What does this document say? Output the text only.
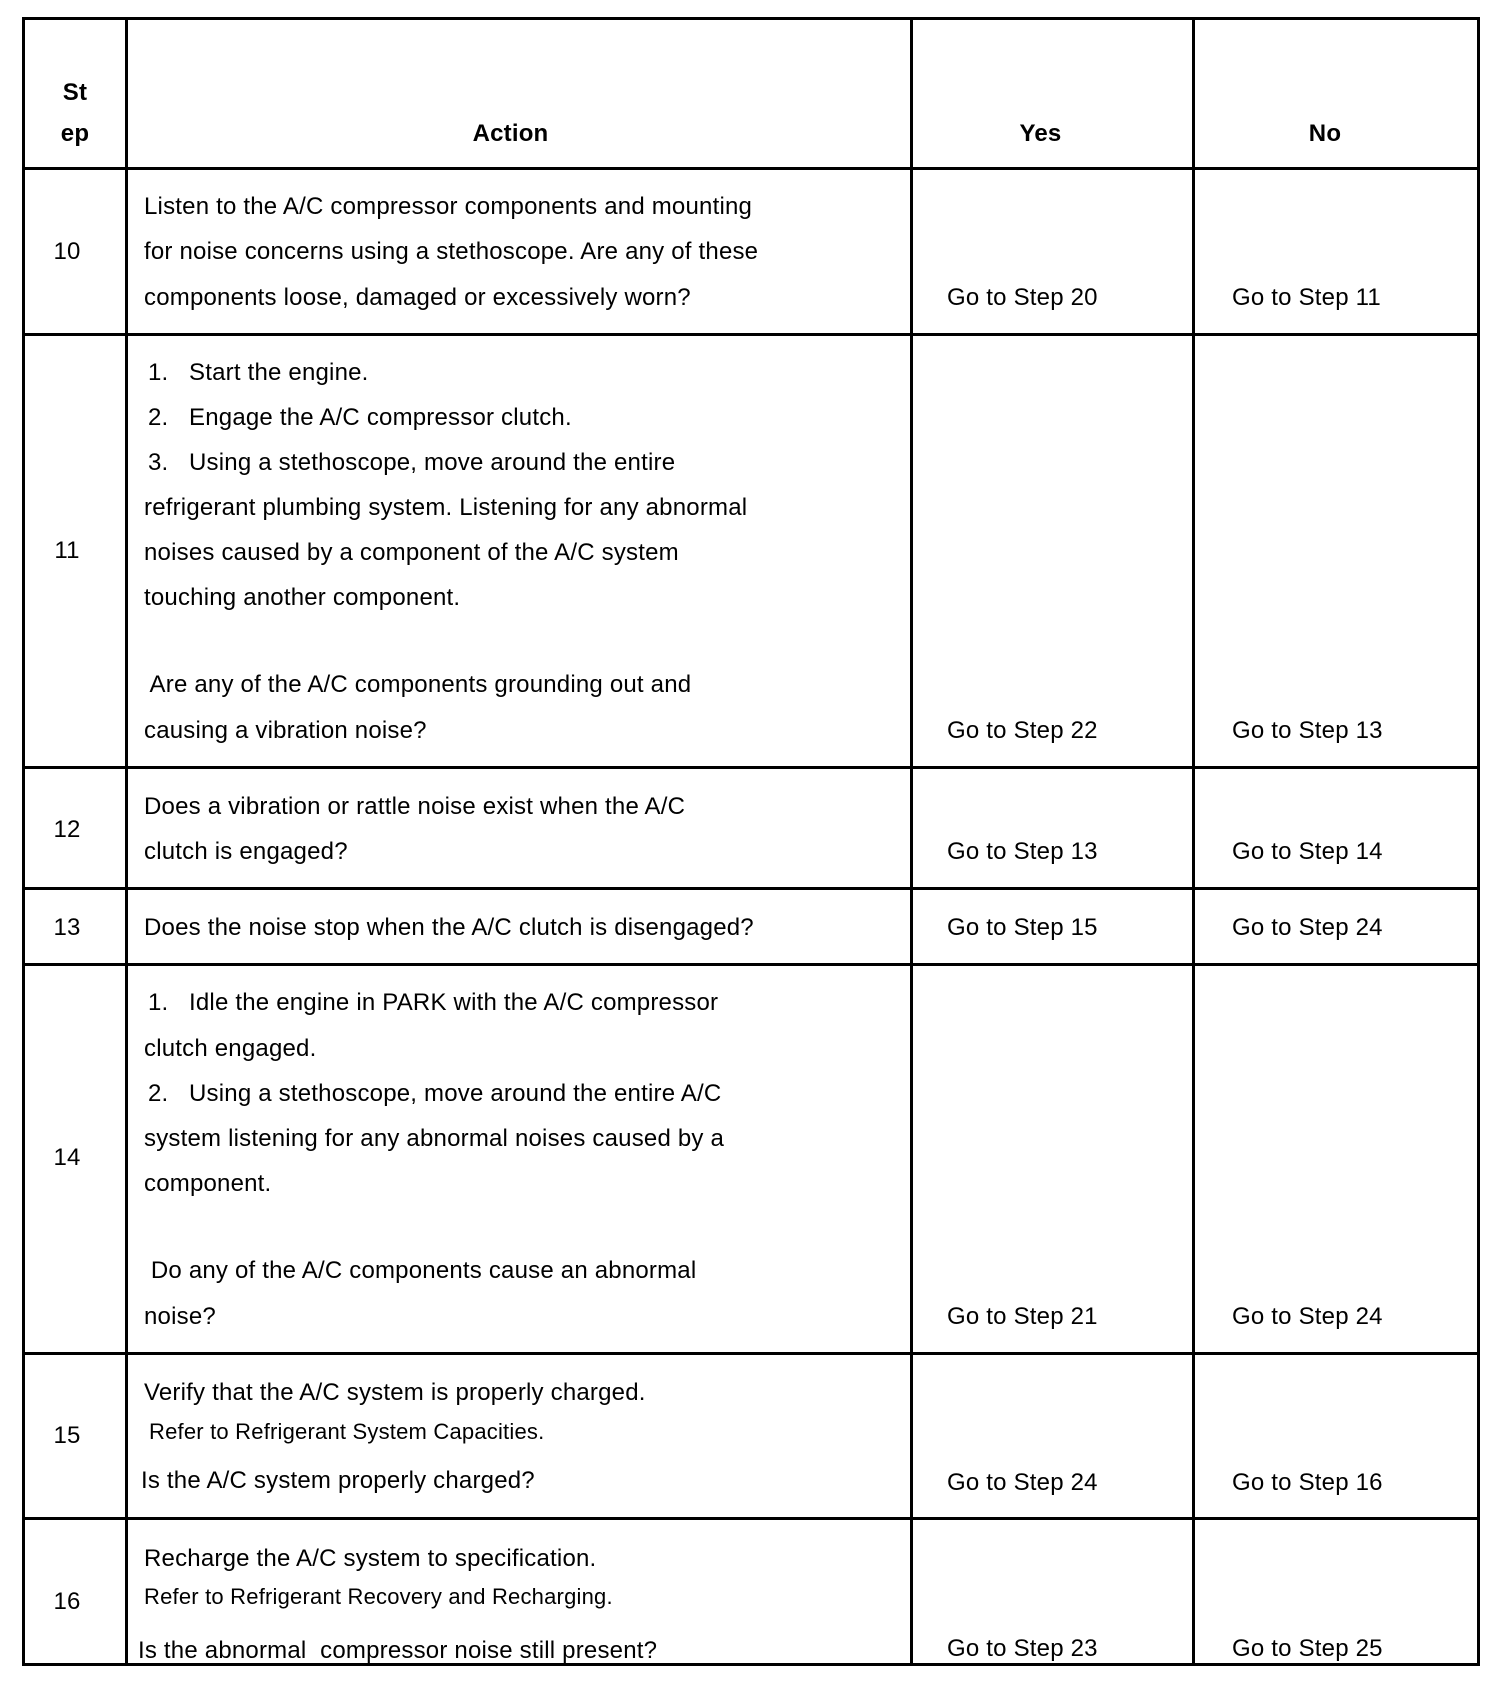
St
ep	Action	Yes	No
10
Listen to the A/C compressor components and mounting
for noise concerns using a stethoscope. Are any of these
components loose, damaged or excessively worn?	Go to Step 20	Go to Step 11
11
1.   Start the engine.
2.   Engage the A/C compressor clutch.
3.   Using a stethoscope, move around the entire
refrigerant plumbing system. Listening for any abnormal
noises caused by a component of the A/C system
touching another component.
Are any of the A/C components grounding out and
causing a vibration noise?	Go to Step 22	Go to Step 13
12
Does a vibration or rattle noise exist when the A/C
clutch is engaged?	Go to Step 13	Go to Step 14
13	Does the noise stop when the A/C clutch is disengaged?	Go to Step 15	Go to Step 24
14
1.   Idle the engine in PARK with the A/C compressor
clutch engaged.
2.   Using a stethoscope, move around the entire A/C
system listening for any abnormal noises caused by a
component.
Do any of the A/C components cause an abnormal
noise?	Go to Step 21	Go to Step 24
15
Verify that the A/C system is properly charged.
Refer to Refrigerant System Capacities.
Is the A/C system properly charged?	Go to Step 24	Go to Step 16
16
Recharge the A/C system to specification.
Refer to Refrigerant Recovery and Recharging.
Is the abnormal  compressor noise still present?	Go to Step 23	Go to Step 25
